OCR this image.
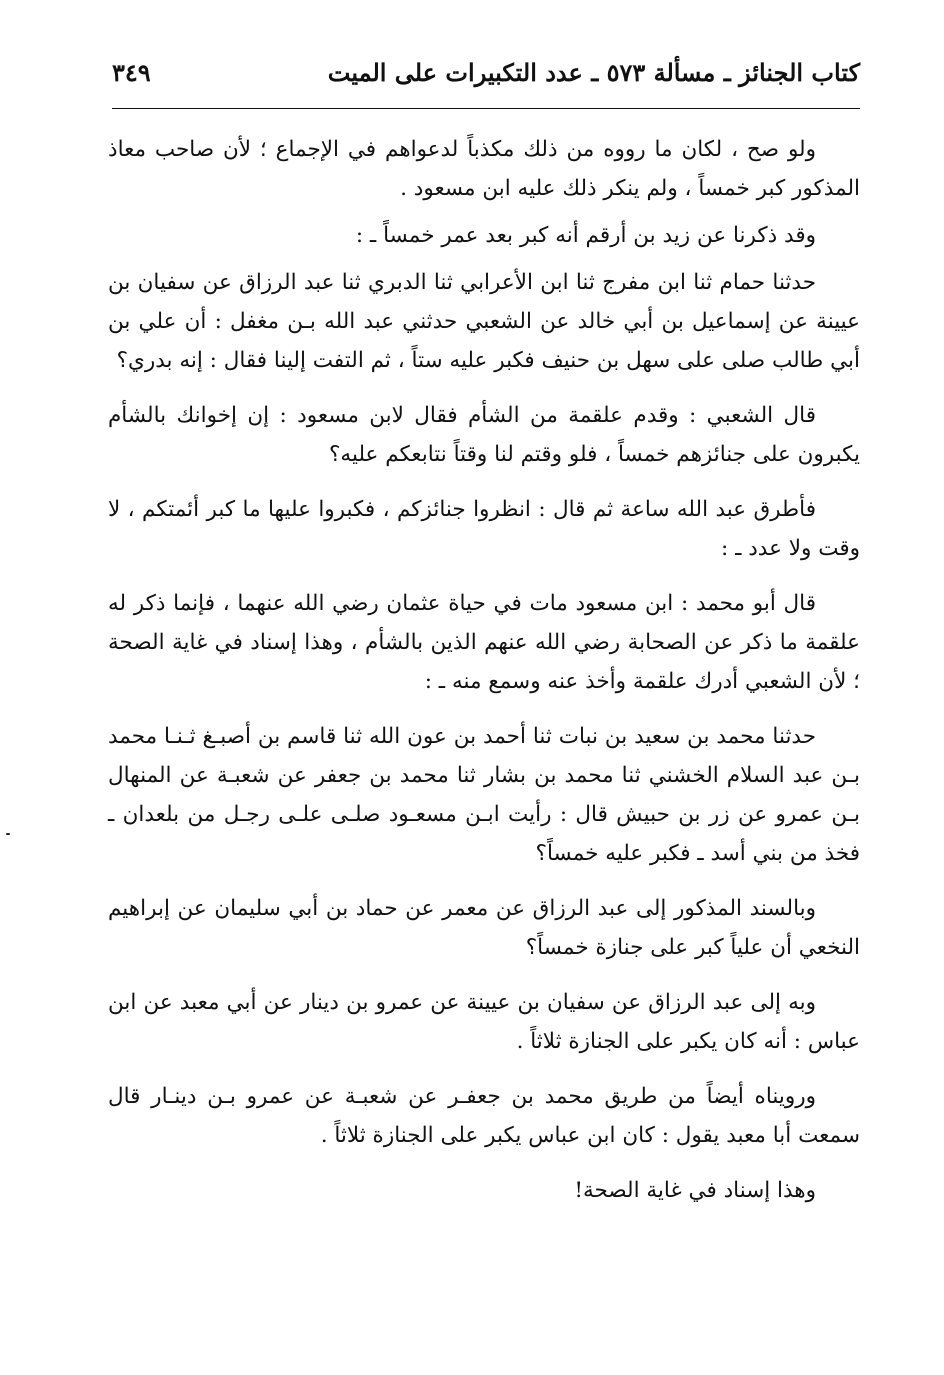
كتاب الجنائز ـ مسألة ٥٧٣ ـ عدد التكبيرات على الميت
٣٤٩

ولو صح ، لكان ما رووه من ذلك مكذباً لدعواهم في الإجماع ؛ لأن صاحب معاذ المذكور كبر خمساً ، ولم ينكر ذلك عليه ابن مسعود .

وقد ذكرنا عن زيد بن أرقم أنه كبر بعد عمر خمساً ـ :

حدثنا حمام ثنا ابن مفرج ثنا ابن الأعرابي ثنا الدبري ثنا عبد الرزاق عن سفيان بن عيينة عن إسماعيل بن أبي خالد عن الشعبي حدثني عبد الله بـن مغفل : أن علي بن أبي طالب صلى على سهل بن حنيف فكبر عليه ستاً ، ثم التفت إلينا فقال : إنه بدري؟

قال الشعبي : وقدم علقمة من الشأم فقال لابن مسعود : إن إخوانك بالشأم يكبرون على جنائزهم خمساً ، فلو وقتم لنا وقتاً نتابعكم عليه؟

فأطرق عبد الله ساعة ثم قال : انظروا جنائزكم ، فكبروا عليها ما كبر أئمتكم ، لا وقت ولا عدد ـ :

قال أبو محمد : ابن مسعود مات في حياة عثمان رضي الله عنهما ، فإنما ذكر له علقمة ما ذكر عن الصحابة رضي الله عنهم الذين بالشأم ، وهذا إسناد في غاية الصحة ؛ لأن الشعبي أدرك علقمة وأخذ عنه وسمع منه ـ :

حدثنا محمد بن سعيد بن نبات ثنا أحمد بن عون الله ثنا قاسم بن أصبـغ ثـنـا محمد بـن عبد السلام الخشني ثنا محمد بن بشار ثنا محمد بن جعفر عن شعبـة عن المنهال بـن عمرو عن زر بن حبيش قال : رأيت ابـن مسعـود صلـى علـى رجـل من بلعدان ـ فخذ من بني أسد ـ فكبر عليه خمساً؟

وبالسند المذكور إلى عبد الرزاق عن معمر عن حماد بن أبي سليمان عن إبراهيم النخعي أن علياً كبر على جنازة خمساً؟

وبه إلى عبد الرزاق عن سفيان بن عيينة عن عمرو بن دينار عن أبي معبد عن ابن عباس : أنه كان يكبر على الجنازة ثلاثاً .

ورويناه أيضاً من طريق محمد بن جعفـر عن شعبـة عن عمرو بـن دينـار قال سمعت أبا معبد يقول : كان ابن عباس يكبر على الجنازة ثلاثاً .

وهذا إسناد في غاية الصحة!
